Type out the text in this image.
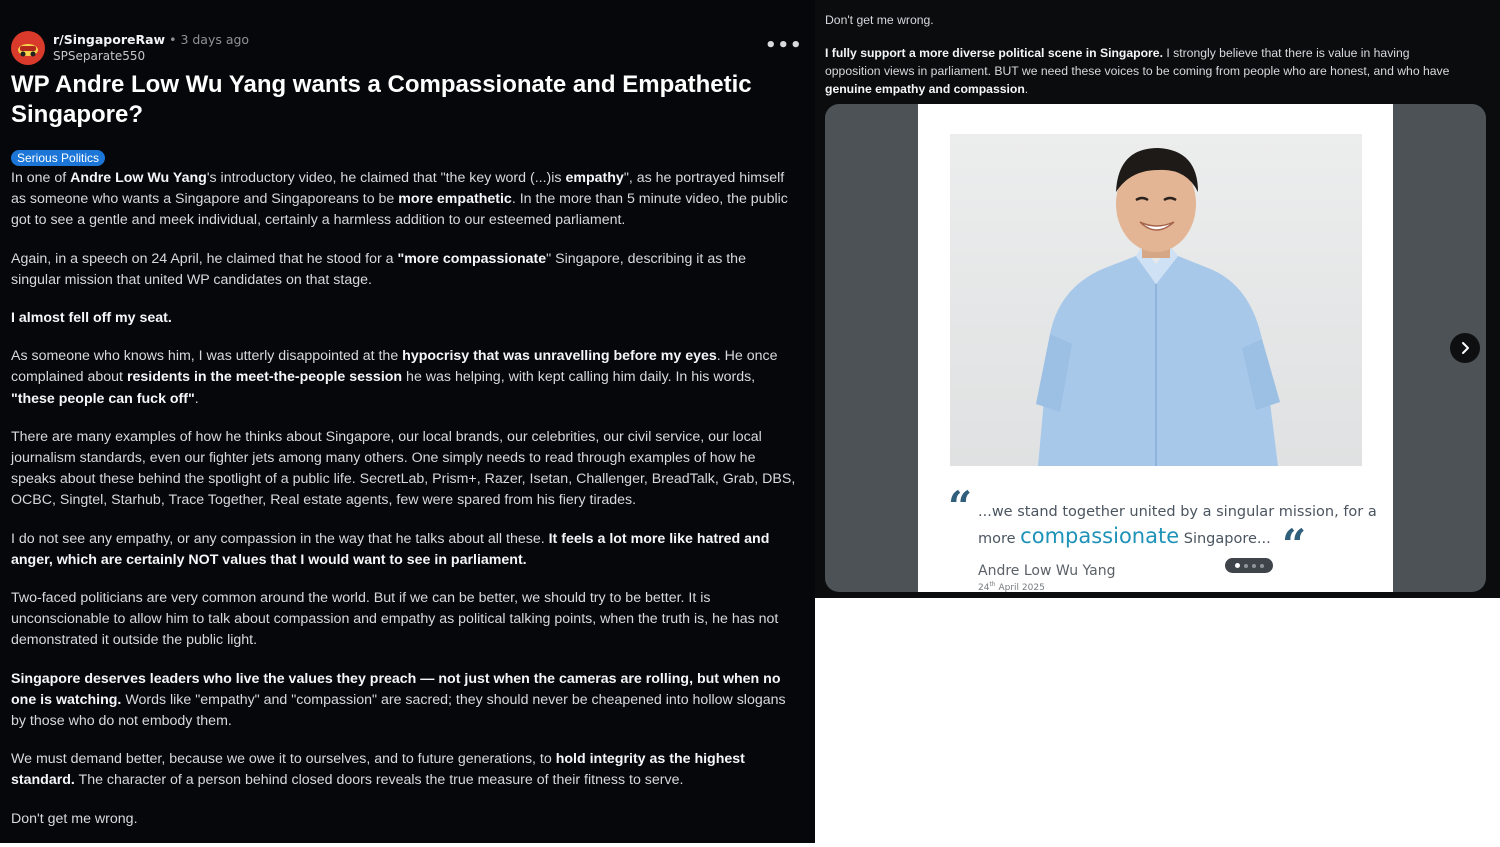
r/SingaporeRaw • 3 days ago
SPSeparate550	•••
WP Andre Low Wu Yang wants a Compassionate and Empathetic Singapore?
Serious Politics

In one of Andre Low Wu Yang's introductory video, he claimed that "the key word (...)is empathy", as he portrayed himself as someone who wants a Singapore and Singaporeans to be more empathetic. In the more than 5 minute video, the public got to see a gentle and meek individual, certainly a harmless addition to our esteemed parliament.

Again, in a speech on 24 April, he claimed that he stood for a "more compassionate" Singapore, describing it as the singular mission that united WP candidates on that stage.

I almost fell off my seat.

As someone who knows him, I was utterly disappointed at the hypocrisy that was unravelling before my eyes. He once complained about residents in the meet-the-people session he was helping, with kept calling him daily. In his words, "these people can fuck off".

There are many examples of how he thinks about Singapore, our local brands, our celebrities, our civil service, our local journalism standards, even our fighter jets among many others. One simply needs to read through examples of how he speaks about these behind the spotlight of a public life. SecretLab, Prism+, Razer, Isetan, Challenger, BreadTalk, Grab, DBS, OCBC, Singtel, Starhub, Trace Together, Real estate agents, few were spared from his fiery tirades.

I do not see any empathy, or any compassion in the way that he talks about all these. It feels a lot more like hatred and anger, which are certainly NOT values that I would want to see in parliament.

Two-faced politicians are very common around the world. But if we can be better, we should try to be better. It is unconscionable to allow him to talk about compassion and empathy as political talking points, when the truth is, he has not demonstrated it outside the public light.

Singapore deserves leaders who live the values they preach — not just when the cameras are rolling, but when no one is watching. Words like "empathy" and "compassion" are sacred; they should never be cheapened into hollow slogans by those who do not embody them.

We must demand better, because we owe it to ourselves, and to future generations, to hold integrity as the highest standard. The character of a person behind closed doors reveals the true measure of their fitness to serve.

Don't get me wrong.

Don't get me wrong.
I fully support a more diverse political scene in Singapore. I strongly believe that there is value in having opposition views in parliament. BUT we need these voices to be coming from people who are honest, and who have genuine empathy and compassion.
“ ...we stand together united by a singular mission, for a more compassionate Singapore... “
Andre Low Wu Yang
24th April 2025
